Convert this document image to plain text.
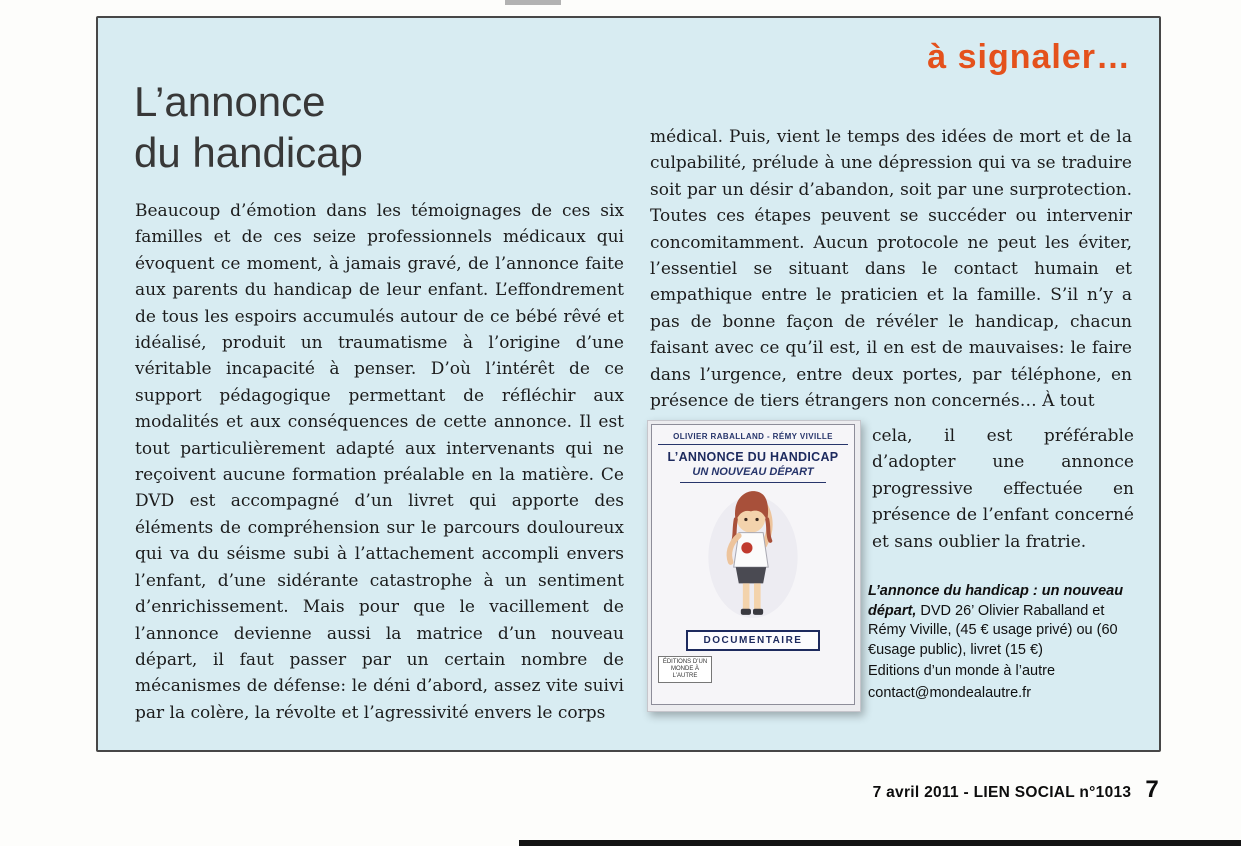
à signaler…
L’annonce
du handicap

Beaucoup d’émotion dans les témoignages de ces six familles et de ces seize professionnels médicaux qui évoquent ce moment, à jamais gravé, de l’annonce faite aux parents du handicap de leur enfant. L’effondrement de tous les espoirs accumulés autour de ce bébé rêvé et idéalisé, produit un traumatisme à l’origine d’une véritable incapacité à penser. D’où l’intérêt de ce support pédagogique permettant de réfléchir aux modalités et aux conséquences de cette annonce. Il est tout particulièrement adapté aux intervenants qui ne reçoivent aucune formation préalable en la matière. Ce DVD est accompagné d’un livret qui apporte des éléments de compréhension sur le parcours douloureux qui va du séisme subi à l’attachement accompli envers l’enfant, d’une sidérante catastrophe à un sentiment d’enrichissement. Mais pour que le vacillement de l’annonce devienne aussi la matrice d’un nouveau départ, il faut passer par un certain nombre de mécanismes de défense: le déni d’abord, assez vite suivi par la colère, la révolte et l’agressivité envers le corps

médical. Puis, vient le temps des idées de mort et de la culpabilité, prélude à une dépression qui va se traduire soit par un désir d’abandon, soit par une surprotection. Toutes ces étapes peuvent se succéder ou intervenir concomitamment. Aucun protocole ne peut les éviter, l’essentiel se situant dans le contact humain et empathique entre le praticien et la famille. S’il n’y a pas de bonne façon de révéler le handicap, chacun faisant avec ce qu’il est, il en est de mauvaises: le faire dans l’urgence, entre deux portes, par téléphone, en présence de tiers étrangers non concernés… À tout

OLIVIER RABALLAND - RÉMY VIVILLE
L’ANNONCE DU HANDICAP
UN NOUVEAU DÉPART
DOCUMENTAIRE
ÉDITIONS D’UN MONDE À L’AUTRE

cela, il est préférable d’adopter une annonce progressive effectuée en présence de l’enfant concerné et sans oublier la fratrie.

L’annonce du handicap : un nouveau départ, DVD 26’ Olivier Raballand et Rémy Viville, (45 € usage privé) ou (60 €usage public), livret (15 €)
Editions d’un monde à l’autre
contact@mondealautre.fr
7 avril 2011 - LIEN SOCIAL n°1013 7
